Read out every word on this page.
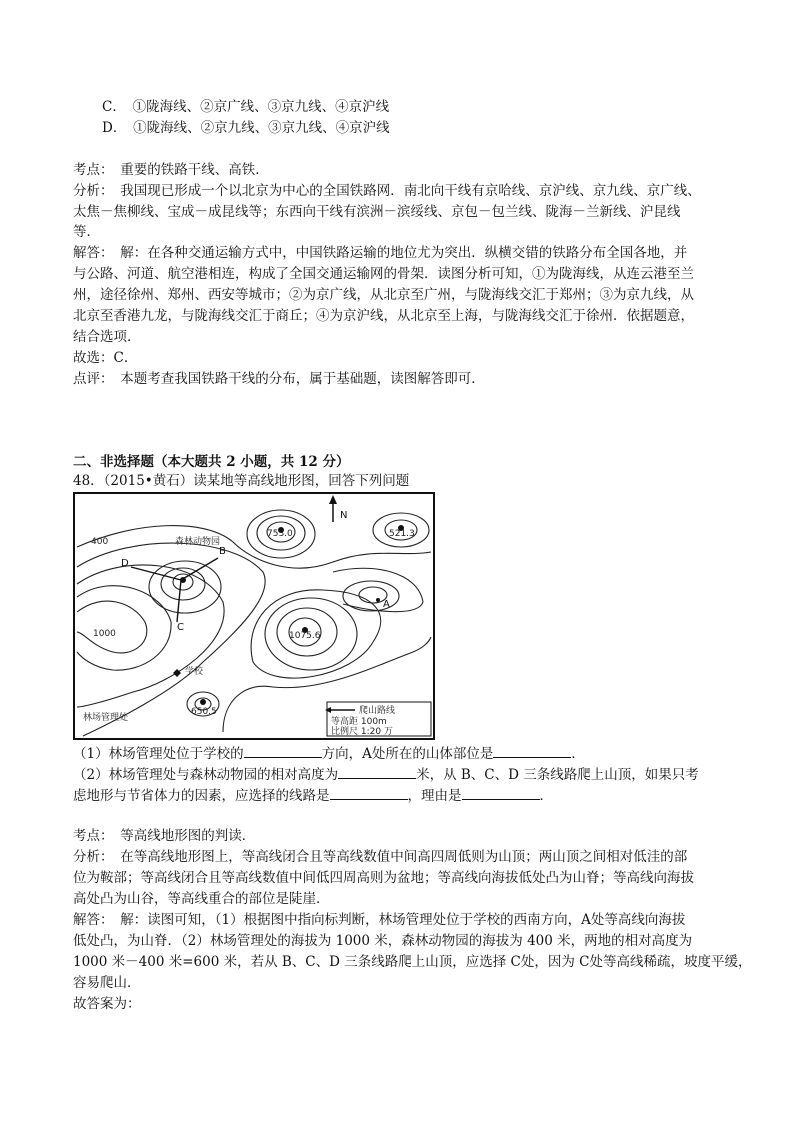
C．　①陇海线、②京广线、③京九线、④京沪线
D．　①陇海线、②京九线、③京九线、④京沪线
考点：　重要的铁路干线、高铁．
分析：　我国现已形成一个以北京为中心的全国铁路网．南北向干线有京哈线、京沪线、京九线、京广线、
太焦－焦柳线、宝成－成昆线等；东西向干线有滨洲－滨绥线、京包－包兰线、陇海－兰新线、沪昆线
等．
解答：　解：在各种交通运输方式中，中国铁路运输的地位尤为突出．纵横交错的铁路分布全国各地，并
与公路、河道、航空港相连，构成了全国交通运输网的骨架．读图分析可知，①为陇海线，从连云港至兰
州，途径徐州、郑州、西安等城市；②为京广线，从北京至广州，与陇海线交汇于郑州；③为京九线，从
北京至香港九龙，与陇海线交汇于商丘；④为京沪线，从北京至上海，与陇海线交汇于徐州．依据题意，
结合选项．
故选：C．
点评：　本题考查我国铁路干线的分布，属于基础题，读图解答即可．
二、非选择题（本大题共 2 小题，共 12 分）
48．（2015•黄石）读某地等高线地形图，回答下列问题
N
森林动物园
753.0	521.3
1075.6
650.5
400
1000
学校
林场管理处
B
D
C
A
爬山路线
等高距 100m
比例尺 1:20 万
（1）林场管理处位于学校的	方向，A处所在的山体部位是	．
（2）林场管理处与森林动物园的相对高度为	米，从 B、C、D 三条线路爬上山顶，如果只考
虑地形与节省体力的因素，应选择的线路是	，理由是	．
考点：　等高线地形图的判读．
分析：　在等高线地形图上，等高线闭合且等高线数值中间高四周低则为山顶；两山顶之间相对低洼的部
位为鞍部；等高线闭合且等高线数值中间低四周高则为盆地；等高线向海拔低处凸为山脊；等高线向海拔
高处凸为山谷，等高线重合的部位是陡崖．
解答：　解：读图可知，（1）根据图中指向标判断，林场管理处位于学校的西南方向，A处等高线向海拔
低处凸，为山脊．（2）林场管理处的海拔为 1000 米，森林动物园的海拔为 400 米，两地的相对高度为
1000 米－400 米=600 米，若从 B、C、D 三条线路爬上山顶，应选择 C处，因为 C处等高线稀疏，坡度平缓，
容易爬山．
故答案为：
